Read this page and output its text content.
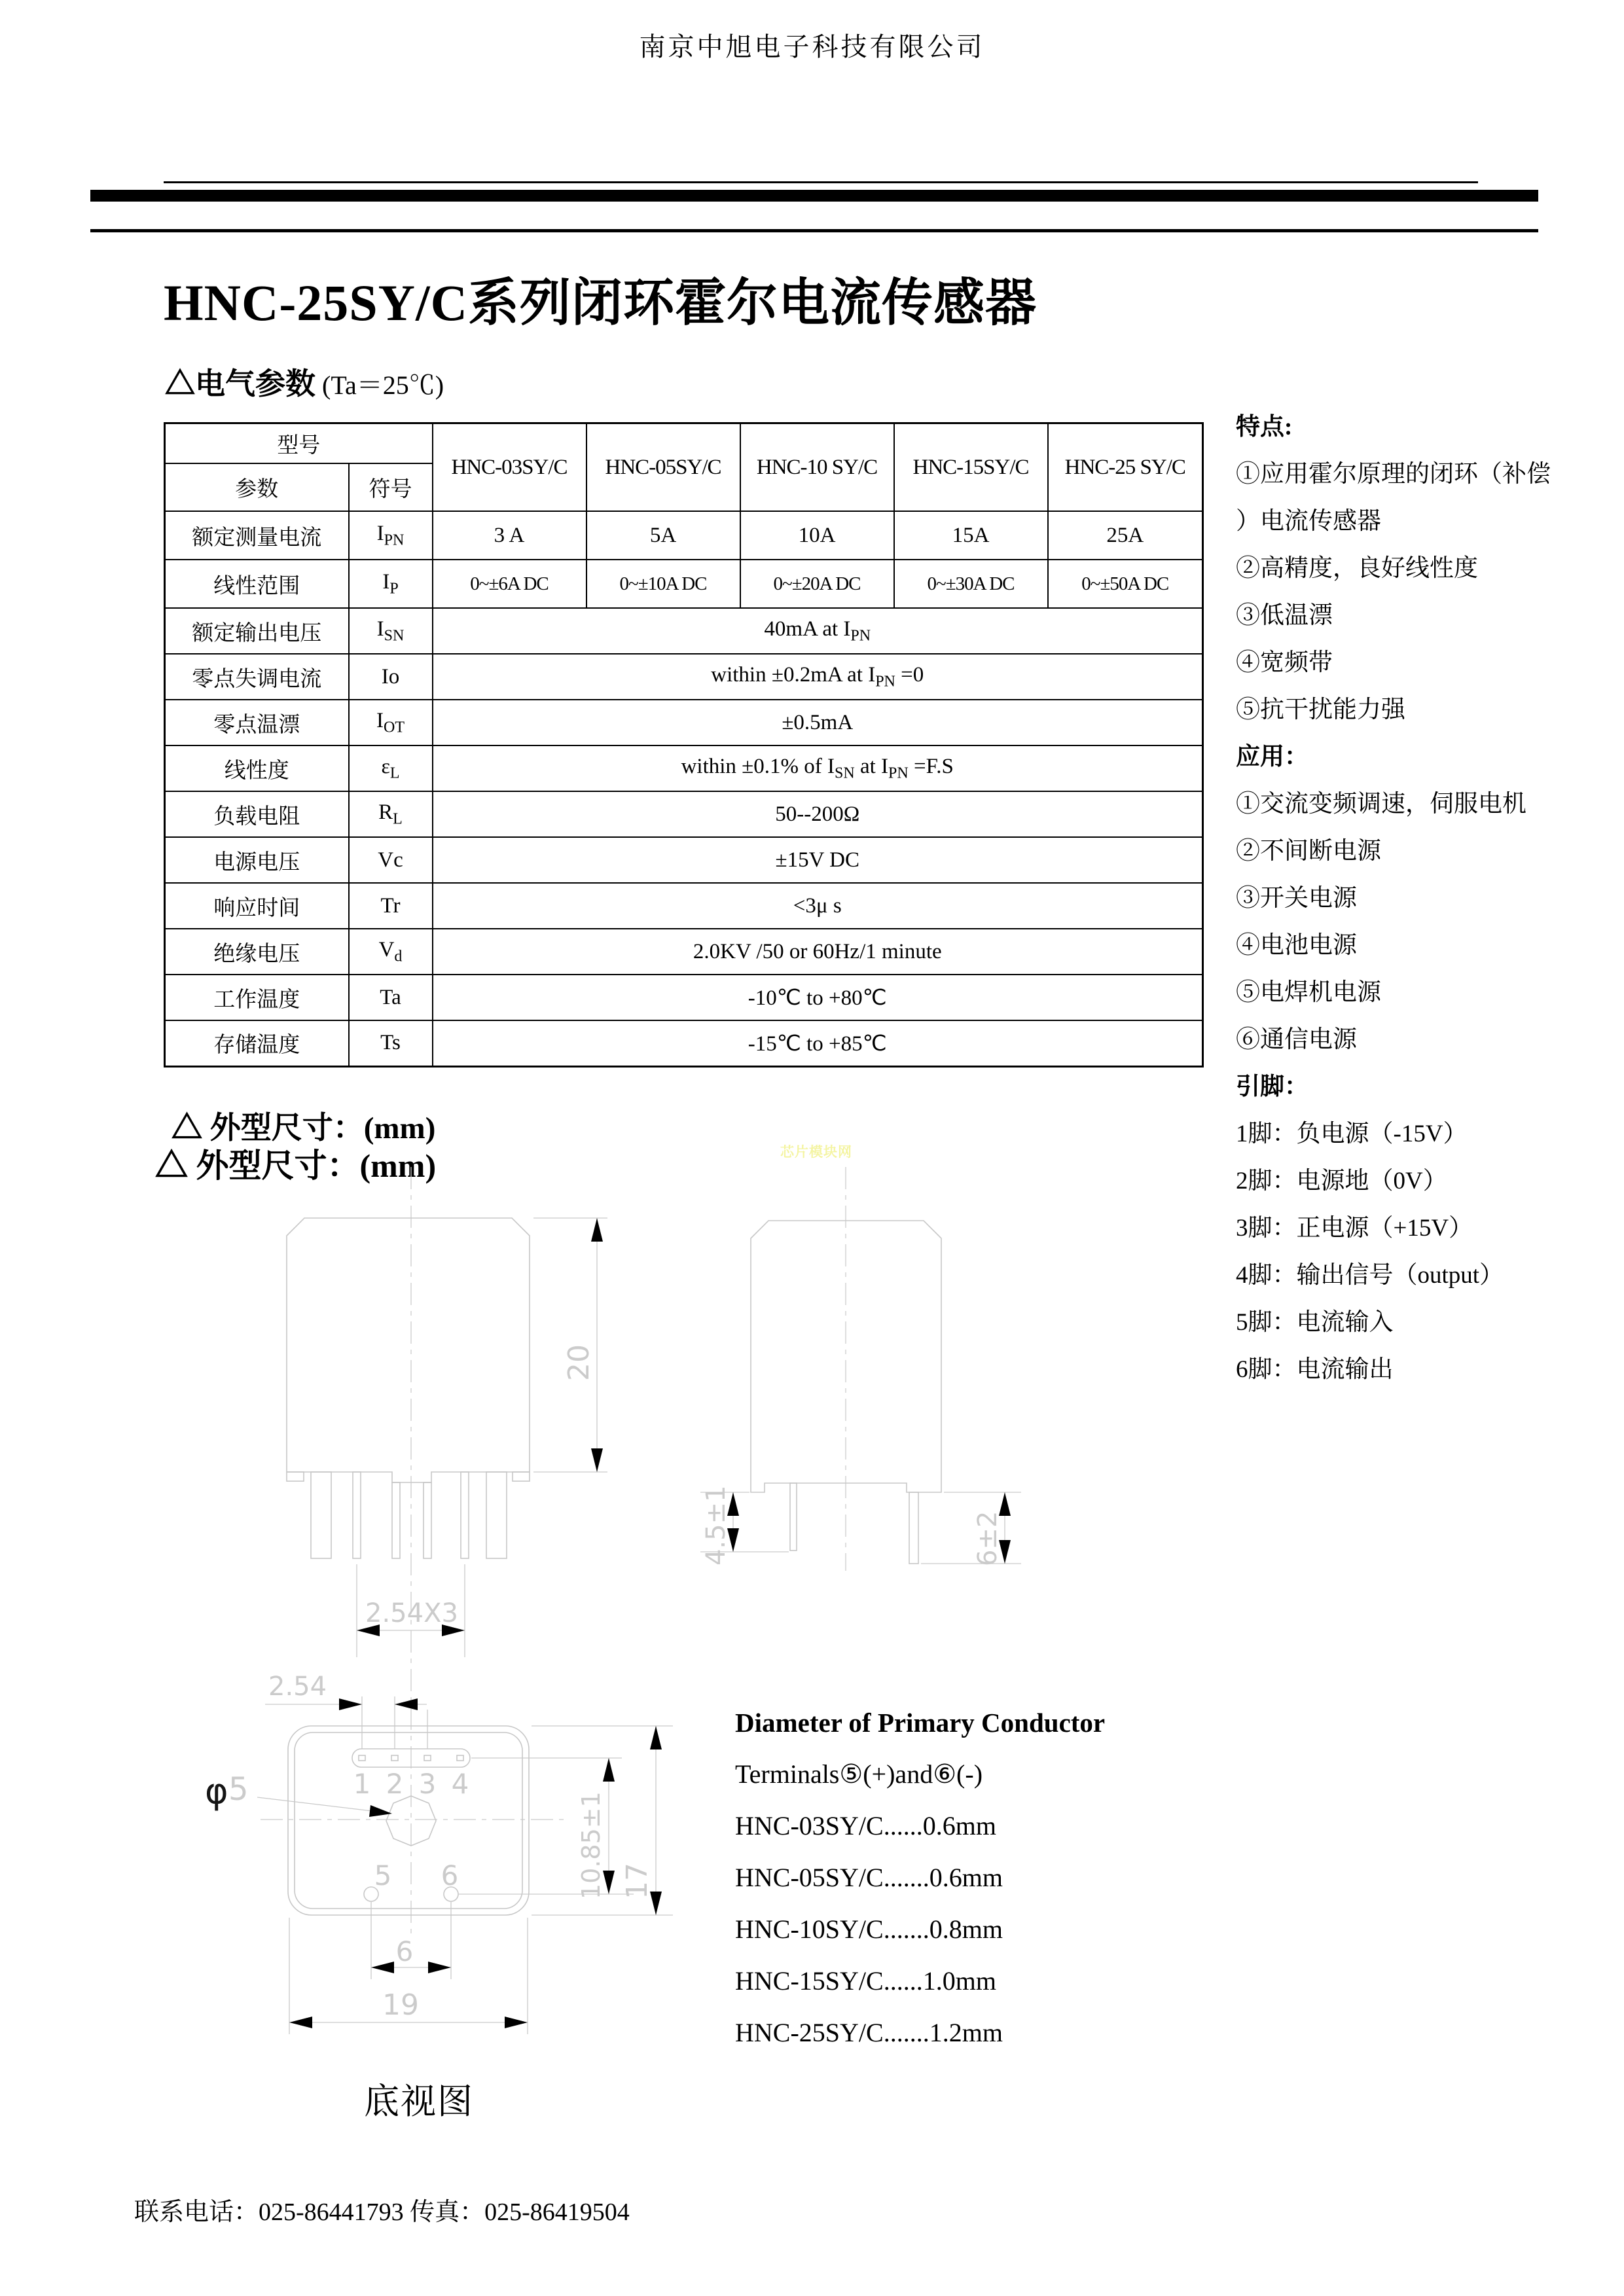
南京中旭电子科技有限公司
HNC-25SY/C系列闭环霍尔电流传感器
△电气参数 (Ta＝25℃)
型号		HNC-03SY/C	HNC-05SY/C	HNC-10 SY/C	HNC-15SY/C	HNC-25 SY/C
参数	符号					
额定测量电流	$I_{PN}$	3 A	5A	10A	15A	25A
线性范围	$I_P$	0~±6A DC	0~±10A DC	0~±20A DC	0~±30A DC	0~±50A DC
额定输出电压	$I_{SN}$	40mA at $I_{PN}$
零点失调电流	Io	within ±0.2mA at $I_{PN} =0$				
零点温漂	$I_{OT}$	±0.5mA				
线性度	$\varepsilon_L$	within ±0.1% of $I_{SN}$ at $I_{PN} =F.S$				
负载电阻	$R_L$	50--200Ω				
电源电压	Vc	±15V DC				
响应时间	Tr	<3μ s				
绝缘电压	$V_d$	2.0KV /50 or 60Hz/1 minute				
工作温度	Ta	-10℃ to +80℃				
存储温度	Ts	-15℃ to +85℃				
特点:
①应用霍尔原理的闭环（补偿
）电流传感器
②高精度，良好线性度
③低温漂
④宽频带
⑤抗干扰能力强
应用：
①交流变频调速，伺服电机
②不间断电源
③开关电源
④电池电源
⑤电焊机电源
⑥通信电源
引脚：
1脚：负电源（-15V）
2脚：电源地（0V）
3脚：正电源（+15V）
4脚：输出信号（output）
5脚：电流输入
6脚：电流输出
△ 外型尺寸：(mm)
△ 外型尺寸：(mm)
20
2.54X3
芯片模块网
4.5±1	6±2
2.54
1 2 3 4
φ 5
5 6
6
19
10.85±1 17
Diameter of Primary Conductor
Terminals⑤(+)and⑥(-)
HNC-03SY/C......0.6mm
HNC-05SY/C.......0.6mm
HNC-10SY/C.......0.8mm
HNC-15SY/C......1.0mm
HNC-25SY/C.......1.2mm
底视图
联系电话：025-86441793 传真：025-86419504
